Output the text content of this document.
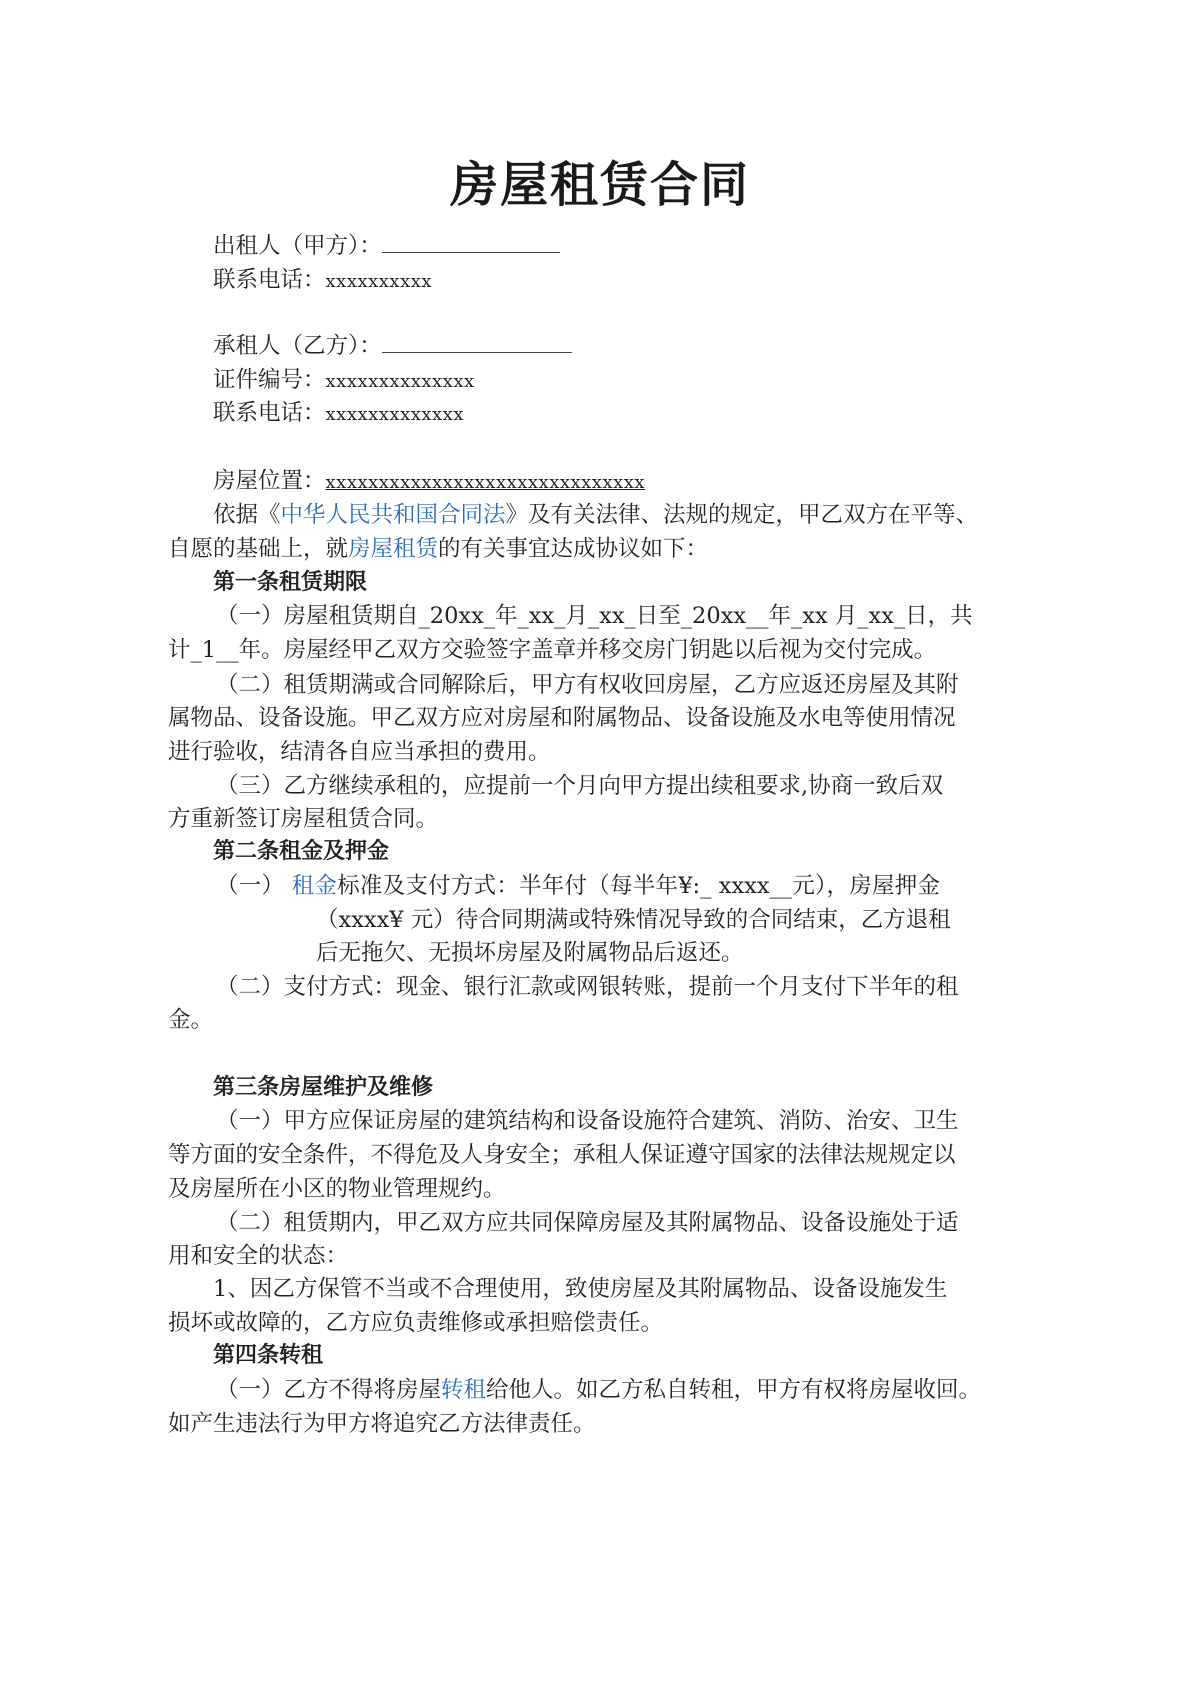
房屋租赁合同
出租人（甲方）：
联系电话：xxxxxxxxxx
承租人（乙方）：
证件编号：xxxxxxxxxxxxxx
联系电话：xxxxxxxxxxxxx
房屋位置：xxxxxxxxxxxxxxxxxxxxxxxxxxxxxx
依据《中华人民共和国合同法》及有关法律、法规的规定，甲乙双方在平等、
自愿的基础上，就房屋租赁的有关事宜达成协议如下：
第一条租赁期限
（一）房屋租赁期自_20xx_年_xx_月_xx_日至_20xx__年_xx 月_xx_日，共
计_1__年。房屋经甲乙双方交验签字盖章并移交房门钥匙以后视为交付完成。
（二）租赁期满或合同解除后，甲方有权收回房屋，乙方应返还房屋及其附
属物品、设备设施。甲乙双方应对房屋和附属物品、设备设施及水电等使用情况
进行验收，结清各自应当承担的费用。
（三）乙方继续承租的，应提前一个月向甲方提出续租要求,协商一致后双
方重新签订房屋租赁合同。
第二条租金及押金
（一） 租金标准及支付方式：半年付（每半年¥:_ xxxx__元），房屋押金
（xxxx¥ 元）待合同期满或特殊情况导致的合同结束，乙方退租
后无拖欠、无损坏房屋及附属物品后返还。
（二）支付方式：现金、银行汇款或网银转账，提前一个月支付下半年的租
金。
第三条房屋维护及维修
（一）甲方应保证房屋的建筑结构和设备设施符合建筑、消防、治安、卫生
等方面的安全条件，不得危及人身安全；承租人保证遵守国家的法律法规规定以
及房屋所在小区的物业管理规约。
（二）租赁期内，甲乙双方应共同保障房屋及其附属物品、设备设施处于适
用和安全的状态：
1、因乙方保管不当或不合理使用，致使房屋及其附属物品、设备设施发生
损坏或故障的，乙方应负责维修或承担赔偿责任。
第四条转租
（一）乙方不得将房屋转租给他人。如乙方私自转租，甲方有权将房屋收回。
如产生违法行为甲方将追究乙方法律责任。
